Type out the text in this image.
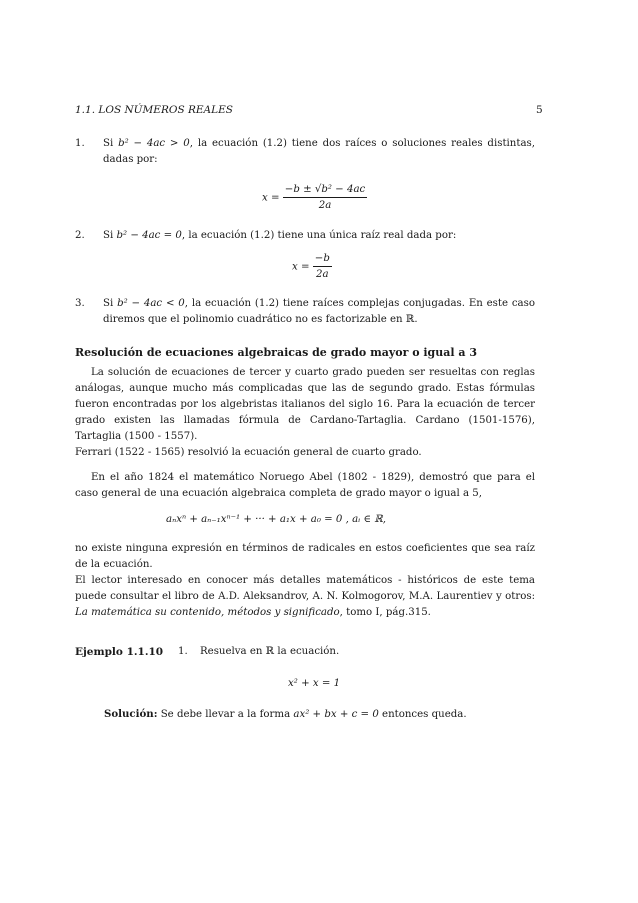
1.1. LOS NÚMEROS REALES	5
1.	Si b² − 4ac > 0, la ecuación (1.2) tiene dos raíces o soluciones reales distintas, dadas por:
$x = \frac{\text{−b ± √b² − 4ac}}{2a}$
2.	Si b² − 4ac = 0, la ecuación (1.2) tiene una única raíz real dada por:
$x = \frac{-b}{2a}$
3.	Si b² − 4ac < 0, la ecuación (1.2) tiene raíces complejas conjugadas. En este caso diremos que el polinomio cuadrático no es factorizable en ℝ.
Resolución de ecuaciones algebraicas de grado mayor o igual a 3
La solución de ecuaciones de tercer y cuarto grado pueden ser resueltas con reglas análogas, aunque mucho más complicadas que las de segundo grado. Estas fórmulas fueron encontradas por los algebristas italianos del siglo 16. Para la ecuación de tercer grado existen las llamadas fórmula de Cardano-Tartaglia. Cardano (1501-1576), Tartaglia (1500 - 1557).
Ferrari (1522 - 1565) resolvió la ecuación general de cuarto grado.
En el año 1824 el matemático Noruego Abel (1802 - 1829), demostró que para el caso general de una ecuación algebraica completa de grado mayor o igual a 5,
aₙxⁿ + aₙ₋₁xⁿ⁻¹ + ··· + a₁x + a₀ = 0 , aᵢ ∈ ℝ,
no existe ninguna expresión en términos de radicales en estos coeficientes que sea raíz de la ecuación.
El lector interesado en conocer más detalles matemáticos - históricos de este tema puede consultar el libro de A.D. Aleksandrov, A. N. Kolmogorov, M.A. Laurentiev y otros: La matemática su contenido, métodos y significado, tomo I, pág.315.
Ejemplo 1.1.10 1. Resuelva en ℝ la ecuación.
x² + x = 1
Solución: Se debe llevar a la forma ax² + bx + c = 0 entonces queda.
